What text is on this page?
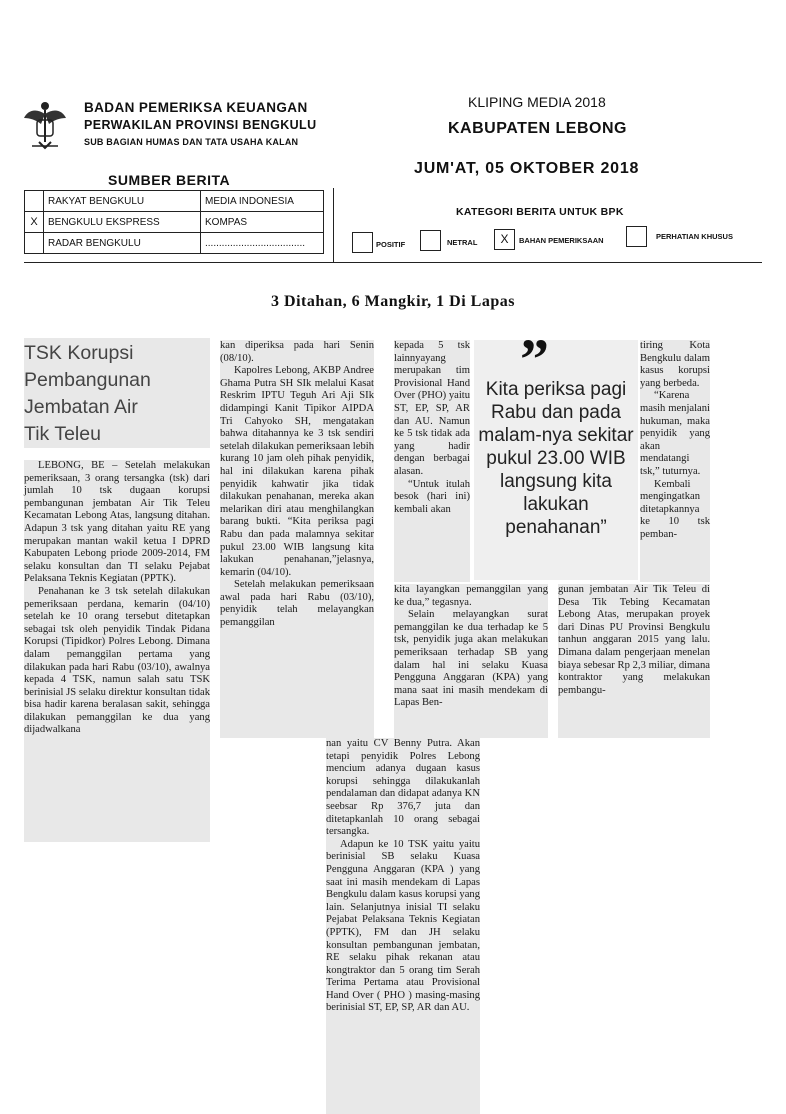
BADAN PEMERIKSA KEUANGAN
PERWAKILAN PROVINSI BENGKULU
SUB BAGIAN HUMAS DAN TATA USAHA KALAN
KLIPING MEDIA 2018
KABUPATEN LEBONG
JUM'AT, 05 OKTOBER 2018
SUMBER BERITA
	RAKYAT BENGKULU	MEDIA INDONESIA
X	BENGKULU EKSPRESS	KOMPAS
	RADAR BENGKULU	....................................
KATEGORI BERITA UNTUK BPK
POSITIF	NETRAL	X	BAHAN PEMERIKSAAN	PERHATIAN KHUSUS
3 Ditahan, 6 Mangkir, 1 Di Lapas
TSK Korupsi
Pembangunan
Jembatan Air
Tik Teleu

LEBONG, BE – Setelah melakukan pemeriksaan, 3 orang tersangka (tsk) dari jumlah 10 tsk dugaan korupsi pembangunan jembatan Air Tik Teleu Kecamatan Lebong Atas, langsung ditahan. Adapun 3 tsk yang ditahan yaitu RE yang merupakan mantan wakil ketua I DPRD Kabupaten Lebong priode 2009-2014, FM selaku konsultan dan TI selaku Pejabat Pelaksana Teknis Kegiatan (PPTK).

Penahanan ke 3 tsk setelah dilakukan pemeriksaan perdana, kemarin (04/10) setelah ke 10 orang tersebut ditetapkan sebagai tsk oleh penyidik Tindak Pidana Korupsi (Tipidkor) Polres Lebong. Dimana dalam pemanggilan pertama yang dilakukan pada hari Rabu (03/10), awalnya kepada 4 TSK, namun salah satu TSK berinisial JS selaku direktur konsultan tidak bisa hadir karena beralasan sakit, sehingga dilakukan pemanggilan ke dua yang dijadwalkana

kan diperiksa pada hari Senin (08/10).

Kapolres Lebong, AKBP Andree Ghama Putra SH SIk melalui Kasat Reskrim IPTU Teguh Ari Aji SIk didampingi Kanit Tipikor AIPDA Tri Cahyoko SH, mengatakan bahwa ditahannya ke 3 tsk sendiri setelah dilakukan pemeriksaan lebih kurang 10 jam oleh pihak penyidik, hal ini dilakukan karena pihak penyidik kahwatir jika tidak dilakukan penahanan, mereka akan melarikan diri atau menghilangkan barang bukti. “Kita periksa pagi Rabu dan pada malamnya sekitar pukul 23.00 WIB langsung kita lakukan penahanan,”jelasnya, kemarin (04/10).

Setelah melakukan pemeriksaan awal pada hari Rabu (03/10), penyidik telah melayangkan pemanggilan

kepada 5 tsk lainnyayang merupakan tim Provisional Hand Over (PHO) yaitu ST, EP, SP, AR dan AU. Namun ke 5 tsk tidak ada yang hadir dengan berbagai alasan.

“Untuk itulah besok (hari ini) kembali akan

kita layangkan pemanggilan yang ke dua,” tegasnya.

Selain melayangkan surat pemanggilan ke dua terhadap ke 5 tsk, penyidik juga akan melakukan pemeriksaan terhadap SB yang dalam hal ini selaku Kuasa Pengguna Anggaran (KPA) yang mana saat ini masih mendekam di Lapas Ben-

”
Kita periksa pagi Rabu dan pada malam-nya sekitar pukul 23.00 WIB langsung kita lakukan penahanan”

tiring Kota Bengkulu dalam kasus korupsi yang berbeda.

“Karena masih menjalani hukuman, maka penyidik yang akan mendatangi tsk,” tuturnya.

Kembali mengingatkan ditetapkannya ke 10 tsk pemban-

gunan jembatan Air Tik Teleu di Desa Tik Tebing Kecamatan Lebong Atas, merupakan proyek dari Dinas PU Provinsi Bengkulu tanhun anggaran 2015 yang lalu. Dimana dalam pengerjaan menelan biaya sebesar Rp 2,3 miliar, dimana kontraktor yang melakukan pembangu-

nan yaitu CV Benny Putra. Akan tetapi penyidik Polres Lebong mencium adanya dugaan kasus korupsi sehingga dilakukanlah pendalaman dan didapat adanya KN seebsar Rp 376,7 juta dan ditetapkanlah 10 orang sebagai tersangka.

Adapun ke 10 TSK yaitu yaitu berinisial SB selaku Kuasa Pengguna Anggaran (KPA ) yang saat ini masih mendekam di Lapas Bengkulu dalam kasus korupsi yang lain. Selanjutnya inisial TI selaku Pejabat Pelaksana Teknis Kegiatan (PPTK), FM dan JH selaku konsultan pembangunan jembatan, RE selaku pihak rekanan atau kongtraktor dan 5 orang tim Serah Terima Pertama atau Provisional Hand Over ( PHO ) masing-masing berinisial ST, EP, SP, AR dan AU.
